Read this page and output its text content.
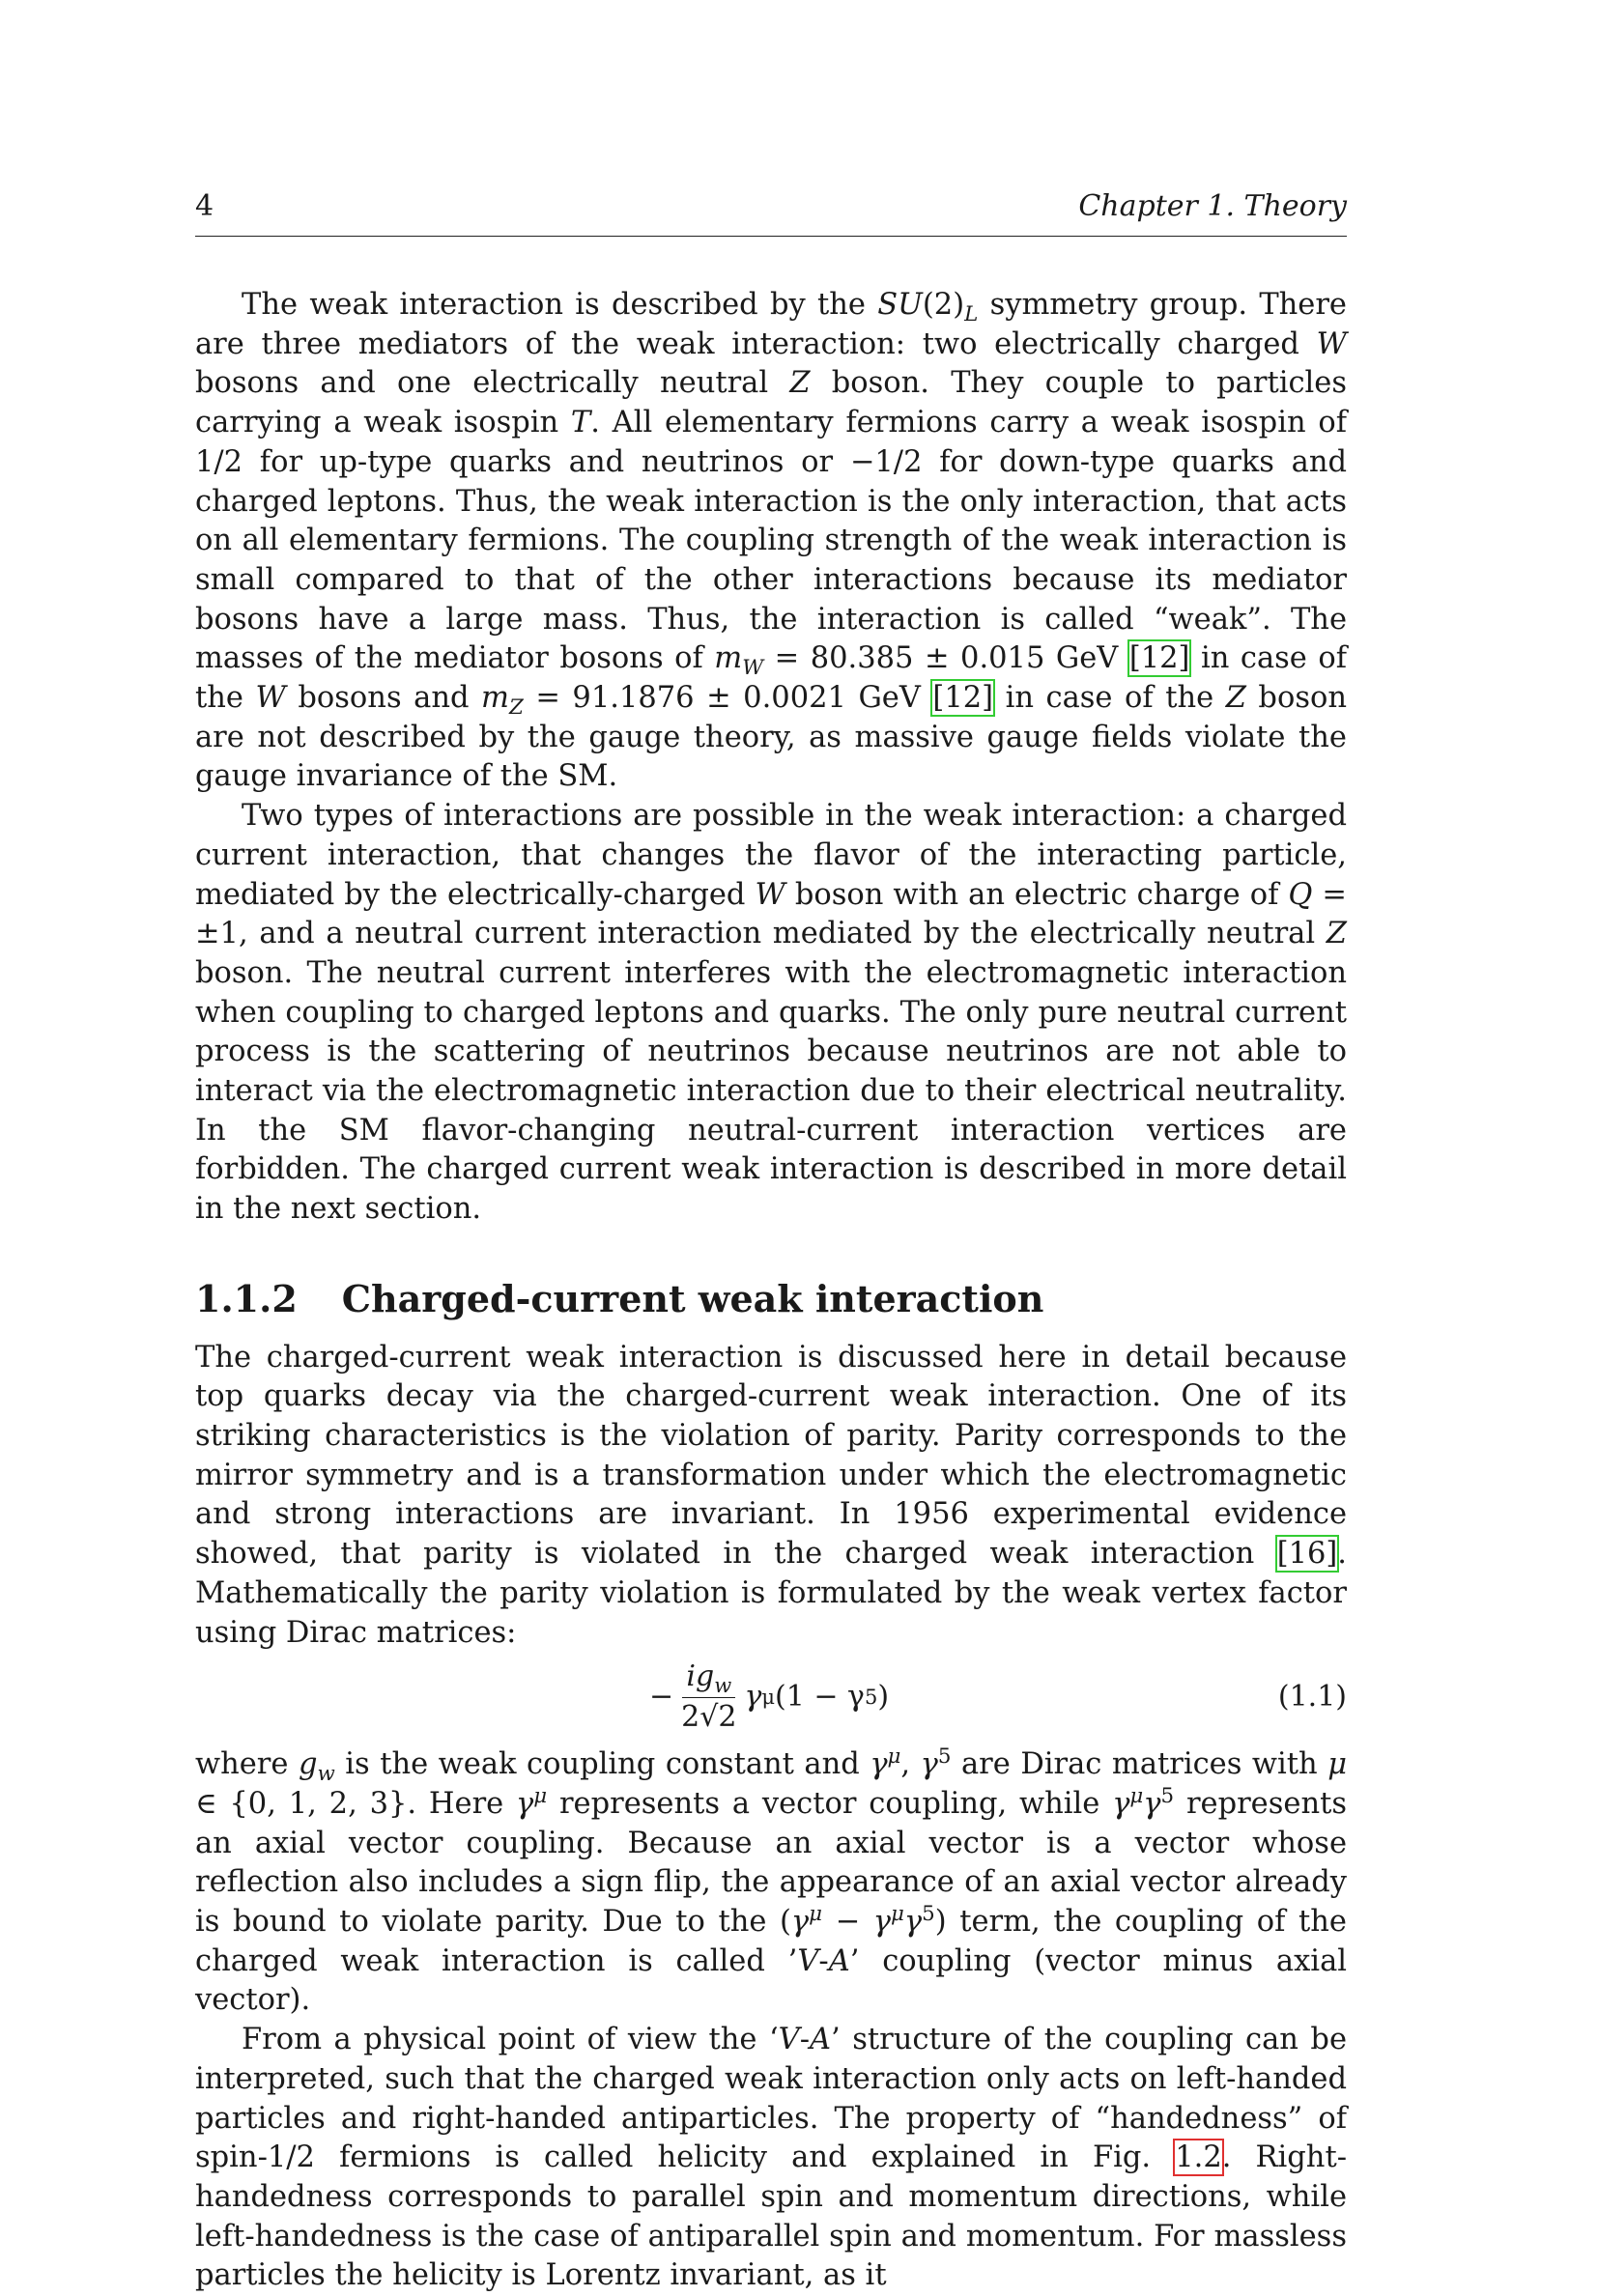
4	Chapter 1. Theory

The weak interaction is described by the $SU(2)_L$ symmetry group. There are three mediators of the weak interaction: two electrically charged W bosons and one electrically neutral Z boson. They couple to particles carrying a weak isospin T. All elementary fermions carry a weak isospin of 1/2 for up-type quarks and neutrinos or −1/2 for down-type quarks and charged leptons. Thus, the weak interaction is the only interaction, that acts on all elementary fermions. The coupling strength of the weak interaction is small compared to that of the other interactions because its mediator bosons have a large mass. Thus, the interaction is called “weak”. The masses of the mediator bosons of $m_W = 80.385 \pm 0.015$ GeV [12] in case of the W bosons and $m_Z = 91.1876 \pm 0.0021$ GeV [12] in case of the Z boson are not described by the gauge theory, as massive gauge fields violate the gauge invariance of the SM.

Two types of interactions are possible in the weak interaction: a charged current interaction, that changes the flavor of the interacting particle, mediated by the electrically-charged W boson with an electric charge of Q = ±1, and a neutral current interaction mediated by the electrically neutral Z boson. The neutral current interferes with the electromagnetic interaction when coupling to charged leptons and quarks. The only pure neutral current process is the scattering of neutrinos because neutrinos are not able to interact via the electromagnetic interaction due to their electrical neutrality. In the SM flavor-changing neutral-current interaction vertices are forbidden. The charged current weak interaction is described in more detail in the next section.

1.1.2 Charged-current weak interaction

The charged-current weak interaction is discussed here in detail because top quarks decay via the charged-current weak interaction. One of its striking characteristics is the violation of parity. Parity corresponds to the mirror symmetry and is a transformation under which the electromagnetic and strong interactions are invariant. In 1956 experimental evidence showed, that parity is violated in the charged weak interaction [16]. Mathematically the parity violation is formulated by the weak vertex factor using Dirac matrices:

− $\frac{ig_w}{2√2}$ γ μ (1 − γ 5 )	(1.1)

where $g_w$ is the weak coupling constant and $\gamma^\mu$, $\gamma^5$ are Dirac matrices with μ ∈ {0, 1, 2, 3}. Here $\gamma^\mu$ represents a vector coupling, while $\gamma^\mu\gamma^5$ represents an axial vector coupling. Because an axial vector is a vector whose reflection also includes a sign flip, the appearance of an axial vector already is bound to violate parity. Due to the $(\gamma^\mu - \gamma^\mu\gamma^5)$ term, the coupling of the charged weak interaction is called ’V-A’ coupling (vector minus axial vector).

From a physical point of view the ‘V-A’ structure of the coupling can be interpreted, such that the charged weak interaction only acts on left-handed particles and right-handed antiparticles. The property of “handedness” of spin-1/2 fermions is called helicity and explained in Fig. 1.2. Right-handedness corresponds to parallel spin and momentum directions, while left-handedness is the case of antiparallel spin and momentum. For massless particles the helicity is Lorentz invariant, as it
